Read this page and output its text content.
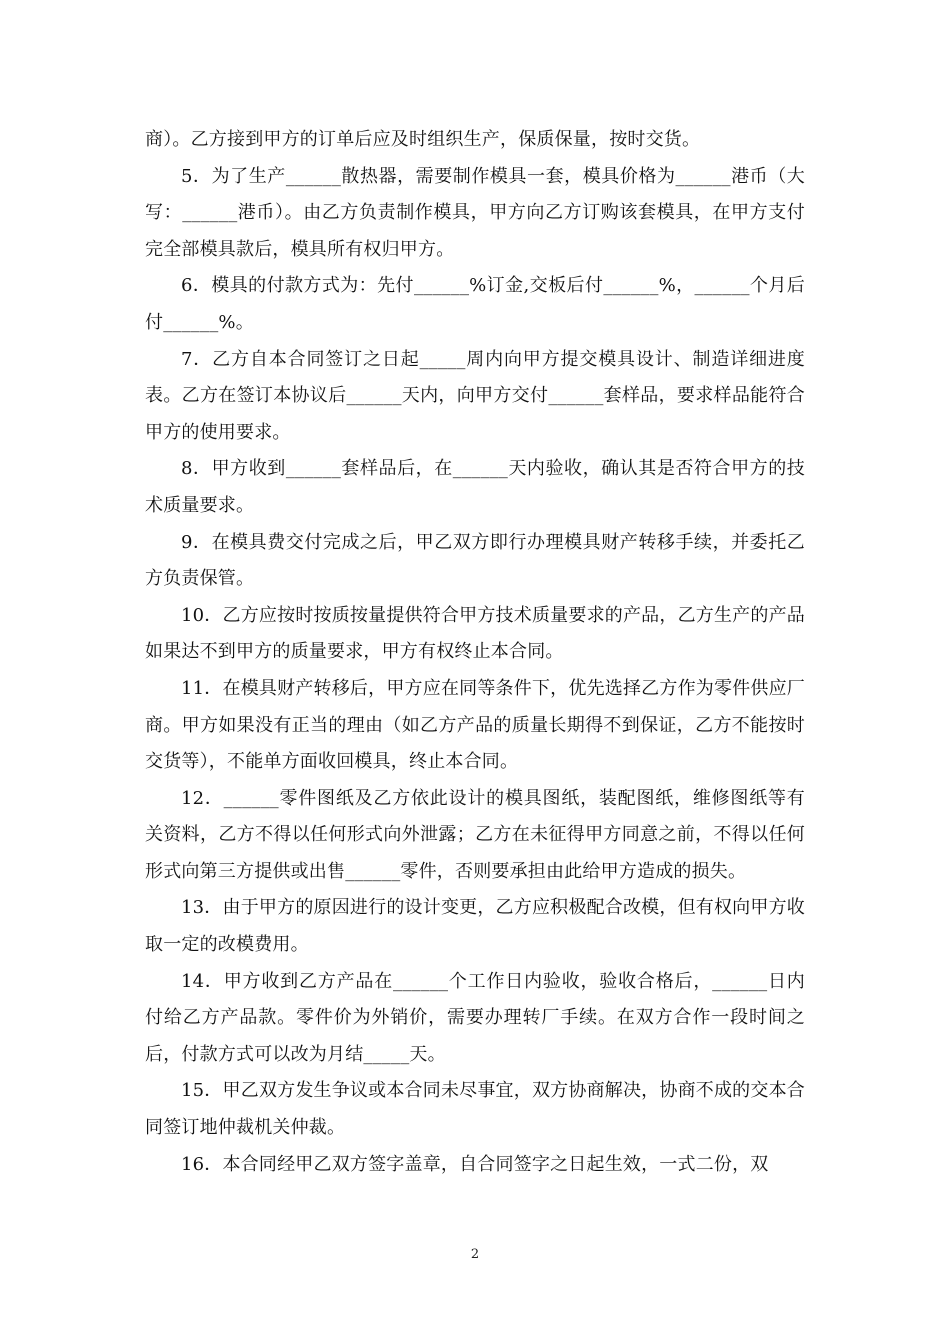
商）。乙方接到甲方的订单后应及时组织生产，保质保量，按时交货。

5．为了生产______散热器，需要制作模具一套，模具价格为______港币（大写：______港币）。由乙方负责制作模具，甲方向乙方订购该套模具，在甲方支付完全部模具款后，模具所有权归甲方。

6．模具的付款方式为：先付______%订金,交板后付______%，______个月后付______%。

7．乙方自本合同签订之日起_____周内向甲方提交模具设计、制造详细进度表。乙方在签订本协议后______天内，向甲方交付______套样品，要求样品能符合甲方的使用要求。

8．甲方收到______套样品后，在______天内验收，确认其是否符合甲方的技术质量要求。

9．在模具费交付完成之后，甲乙双方即行办理模具财产转移手续，并委托乙方负责保管。

10．乙方应按时按质按量提供符合甲方技术质量要求的产品，乙方生产的产品如果达不到甲方的质量要求，甲方有权终止本合同。

11．在模具财产转移后，甲方应在同等条件下，优先选择乙方作为零件供应厂商。甲方如果没有正当的理由（如乙方产品的质量长期得不到保证，乙方不能按时交货等），不能单方面收回模具，终止本合同。

12．______零件图纸及乙方依此设计的模具图纸，装配图纸，维修图纸等有关资料，乙方不得以任何形式向外泄露；乙方在未征得甲方同意之前，不得以任何形式向第三方提供或出售______零件，否则要承担由此给甲方造成的损失。

13．由于甲方的原因进行的设计变更，乙方应积极配合改模，但有权向甲方收取一定的改模费用。

14．甲方收到乙方产品在______个工作日内验收，验收合格后，______日内付给乙方产品款。零件价为外销价，需要办理转厂手续。在双方合作一段时间之后，付款方式可以改为月结_____天。

15．甲乙双方发生争议或本合同未尽事宜，双方协商解决，协商不成的交本合同签订地仲裁机关仲裁。

16．本合同经甲乙双方签字盖章，自合同签字之日起生效，一式二份，双

2
